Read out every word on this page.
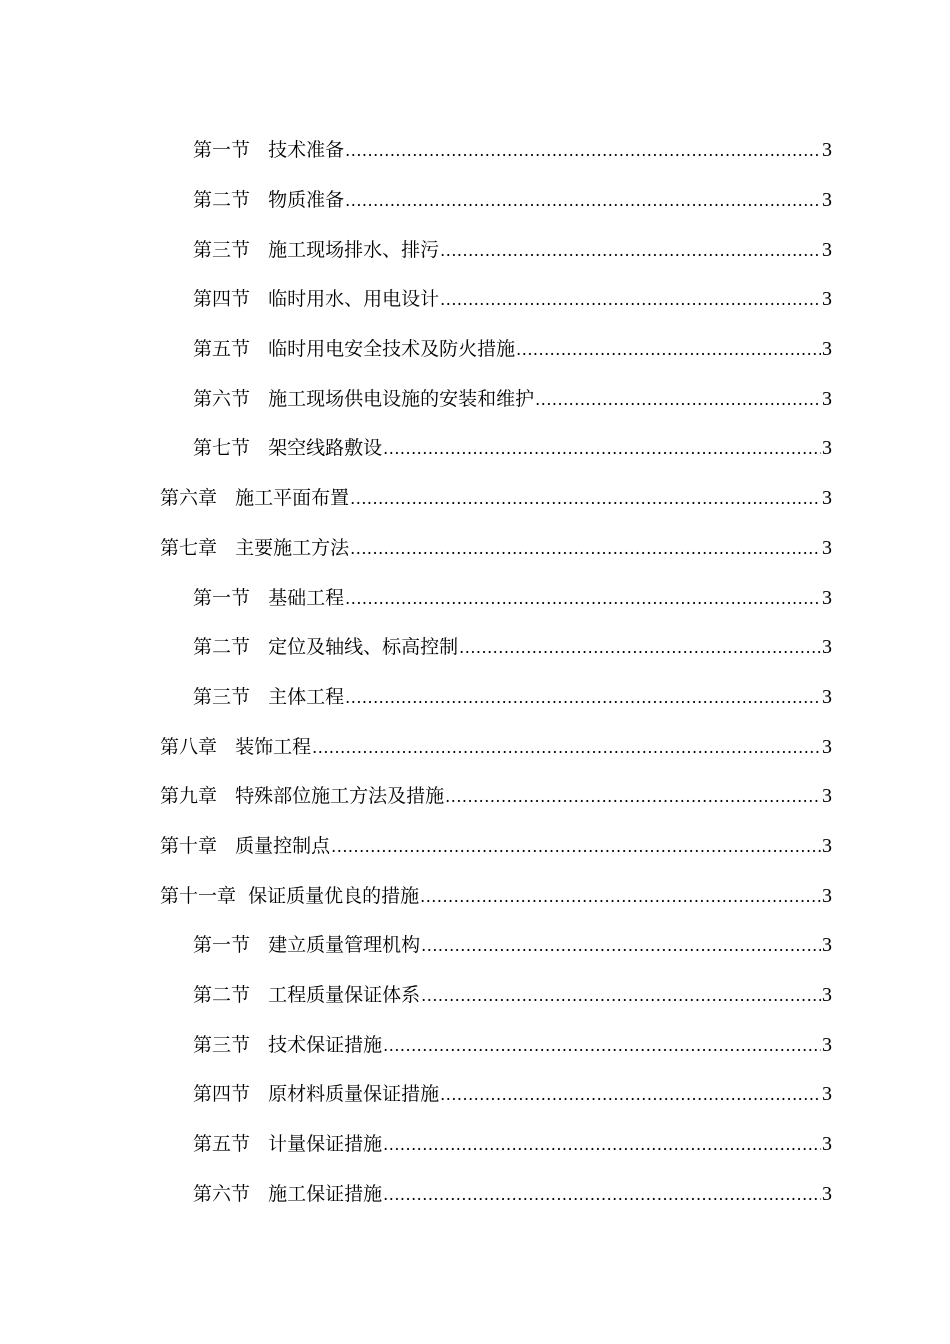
第一节 技术准备 .....	3
第二节 物质准备 .....	3
第三节 施工现场排水、排污 .....	3
第四节 临时用水、用电设计 .....	3
第五节 临时用电安全技术及防火措施 .....	3
第六节 施工现场供电设施的安装和维护 .....	3
第七节 架空线路敷设 .....	3
第六章 施工平面布置 .....	3
第七章 主要施工方法 .....	3
第一节 基础工程 .....	3
第二节 定位及轴线、标高控制 .....	3
第三节 主体工程 .....	3
第八章 装饰工程 .....	3
第九章 特殊部位施工方法及措施 .....	3
第十章 质量控制点 .....	3
第十一章 保证质量优良的措施 .....	3
第一节 建立质量管理机构 .....	3
第二节 工程质量保证体系 .....	3
第三节 技术保证措施 .....	3
第四节 原材料质量保证措施 .....	3
第五节 计量保证措施 .....	3
第六节 施工保证措施 .....	3
